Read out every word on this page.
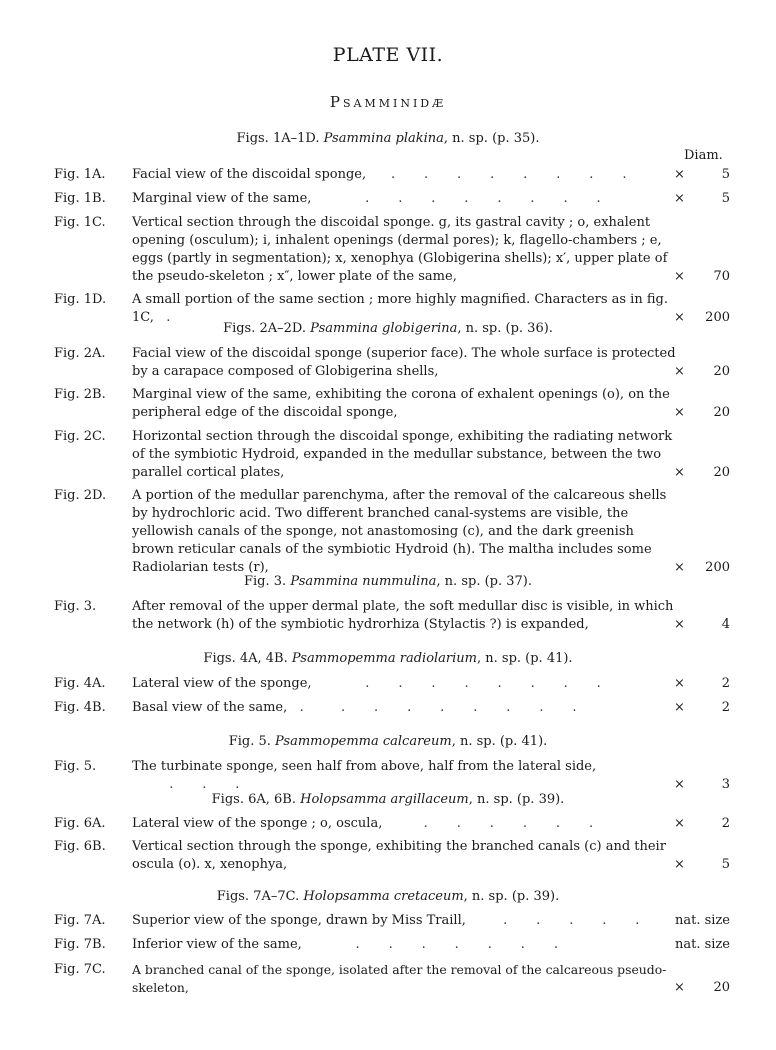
PLATE VII.
Psamminidæ
Figs. 1A–1D. Psammina plakina, n. sp. (p. 35).
Diam.
Figs. 2A–2D. Psammina globigerina, n. sp. (p. 36).
Fig. 3. Psammina nummulina, n. sp. (p. 37).
Figs. 4A, 4B. Psammopemma radiolarium, n. sp. (p. 41).
Fig. 5. Psammopemma calcareum, n. sp. (p. 41).
Figs. 6A, 6B. Holopsamma argillaceum, n. sp. (p. 39).
Figs. 7A–7C. Holopsamma cretaceum, n. sp. (p. 39).
Fig. 1A. Facial view of the discoidal sponge,      .       .       .       .       .       .       .       .	×	5
Fig. 1B. Marginal view of the same,             .       .       .       .       .       .       .       .	×	5
Fig. 1C. Vertical section through the discoidal sponge. g, its gastral cavity ; o, exhalent opening (osculum); i, inhalent openings (dermal pores); k, flagello-chambers ; e, eggs (partly in segmentation); x, xenophya (Globigerina shells); x′, upper plate of the pseudo-skeleton ; x″, lower plate of the same,	× 70
Fig. 1D. A small portion of the same section ; more highly magnified. Characters as in fig. 1C,   .	× 200
Fig. 2A. Facial view of the discoidal sponge (superior face). The whole surface is protected by a carapace composed of Globigerina shells,	× 20
Fig. 2B. Marginal view of the same, exhibiting the corona of exhalent openings (o), on the peripheral edge of the discoidal sponge,	× 20
Fig. 2C. Horizontal section through the discoidal sponge, exhibiting the radiating network of the symbiotic Hydroid, expanded in the medullar substance, between the two parallel cortical plates,	× 20
Fig. 2D. A portion of the medullar parenchyma, after the removal of the calcareous shells by hydrochloric acid. Two different branched canal-systems are visible, the yellowish canals of the sponge, not anastomosing (c), and the dark greenish brown reticular canals of the symbiotic Hydroid (h). The maltha includes some Radiolarian tests (r),	× 200
Fig. 3.	After removal of the upper dermal plate, the soft medullar disc is visible, in which the network (h) of the symbiotic hydrorhiza (Stylactis ?) is expanded,	×	4
Fig. 4A. Lateral view of the sponge,             .       .       .       .       .       .       .       .	×	2
Fig. 4B. Basal view of the same,   .         .       .       .       .       .       .       .       .	×	2
Fig. 5.	The turbinate sponge, seen half from above, half from the lateral side,          .       .       .	×	3
Fig. 6A. Lateral view of the sponge ; o, oscula,          .       .       .       .       .       .	×	2
Fig. 6B. Vertical section through the sponge, exhibiting the branched canals (c) and their oscula (o). x, xenophya,	×	5
Fig. 7A. Superior view of the sponge, drawn by Miss Traill,         .       .       .       .       .	nat. size
Fig. 7B. Inferior view of the same,             .       .       .       .       .       .       .	nat. size
Fig. 7C. A branched canal of the sponge, isolated after the removal of the calcareous pseudo-skeleton,	× 20
